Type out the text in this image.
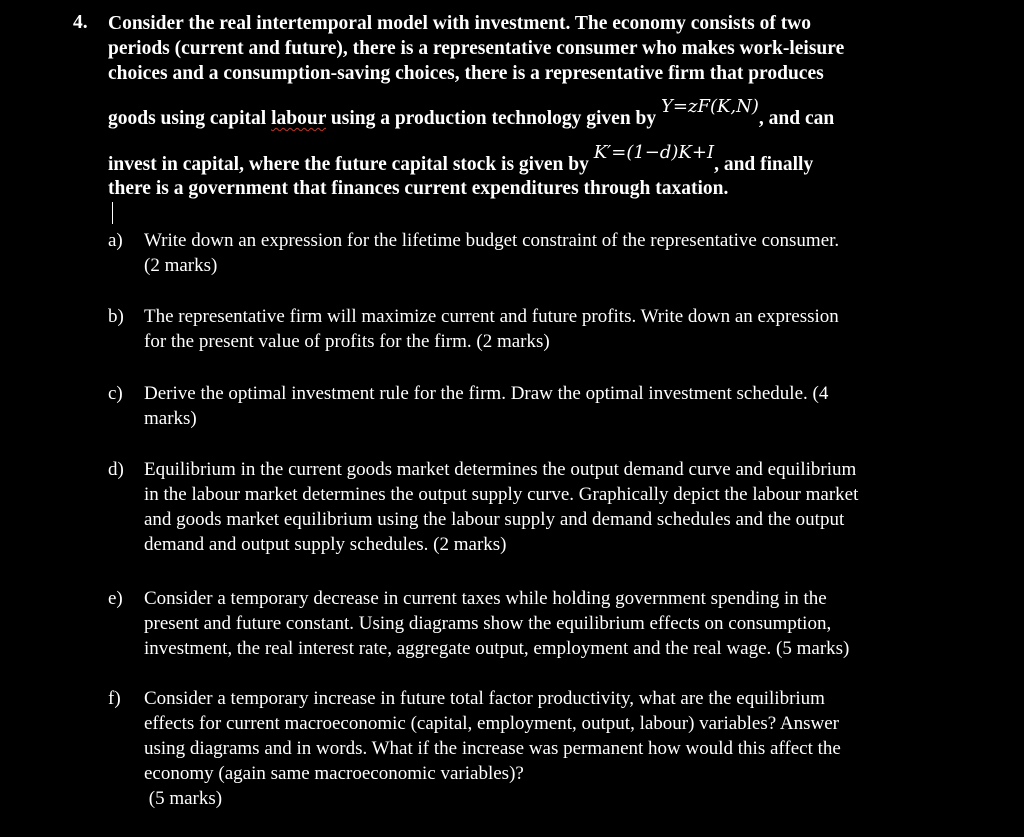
4. Consider the real intertemporal model with investment. The economy consists of two
periods (current and future), there is a representative consumer who makes work-leisure
choices and a consumption-saving choices, there is a representative firm that produces
goods using capital labour using a production technology given by Y=zF(K,N), and can
invest in capital, where the future capital stock is given by K′=(1−d)K+I, and finally
there is a government that finances current expenditures through taxation.
a) Write down an expression for the lifetime budget constraint of the representative consumer.
(2 marks)
b) The representative firm will maximize current and future profits. Write down an expression
for the present value of profits for the firm. (2 marks)
c) Derive the optimal investment rule for the firm. Draw the optimal investment schedule. (4
marks)
d) Equilibrium in the current goods market determines the output demand curve and equilibrium
in the labour market determines the output supply curve. Graphically depict the labour market
and goods market equilibrium using the labour supply and demand schedules and the output
demand and output supply schedules. (2 marks)
e) Consider a temporary decrease in current taxes while holding government spending in the
present and future constant. Using diagrams show the equilibrium effects on consumption,
investment, the real interest rate, aggregate output, employment and the real wage. (5 marks)
f) Consider a temporary increase in future total factor productivity, what are the equilibrium
effects for current macroeconomic (capital, employment, output, labour) variables? Answer
using diagrams and in words. What if the increase was permanent how would this affect the
economy (again same macroeconomic variables)?
(5 marks)
